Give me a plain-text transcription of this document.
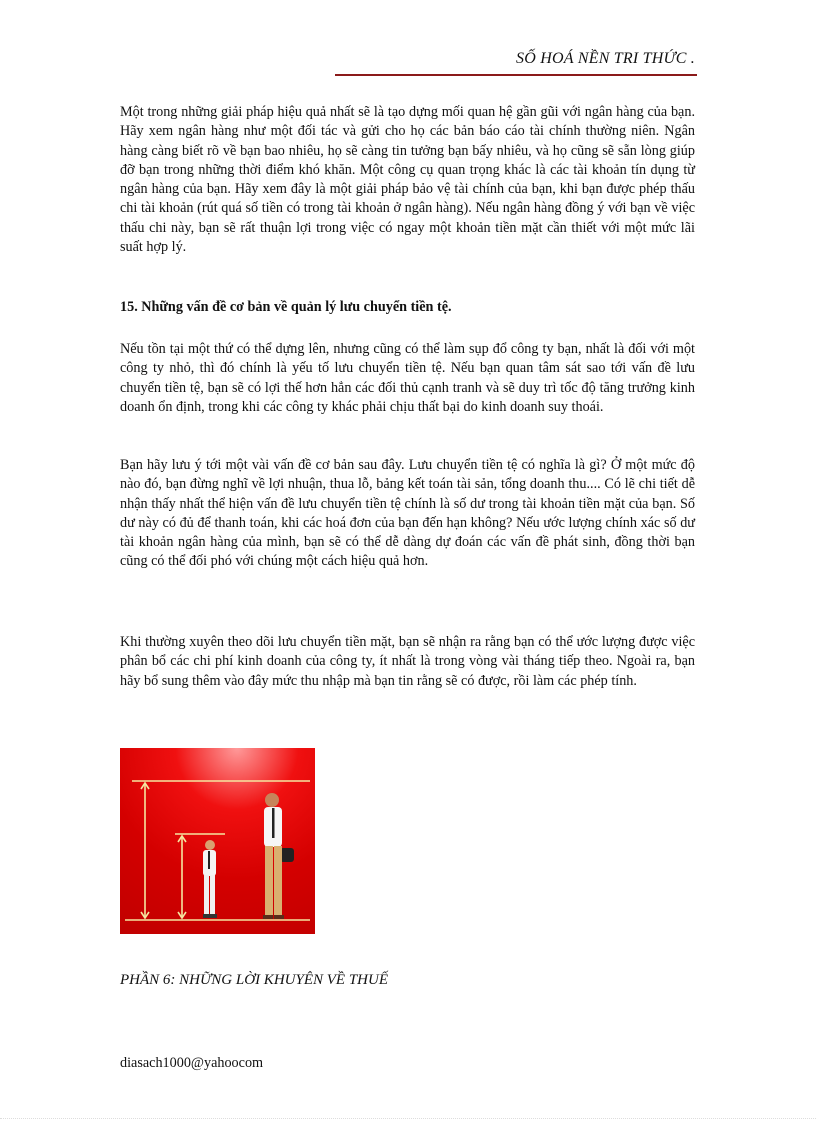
SỐ HOÁ NỀN TRI THỨC .

Một trong những giải pháp hiệu quả nhất sẽ là tạo dựng mối quan hệ gần gũi với ngân hàng của bạn. Hãy xem ngân hàng như một đối tác và gửi cho họ các bản báo cáo tài chính thường niên. Ngân hàng càng biết rõ về bạn bao nhiêu, họ sẽ càng tin tưởng bạn bấy nhiêu, và họ cũng sẽ sẵn lòng giúp đỡ bạn trong những thời điểm khó khăn. Một công cụ quan trọng khác là các tài khoản tín dụng từ ngân hàng của bạn. Hãy xem đây là một giải pháp bảo vệ tài chính của bạn, khi bạn được phép thấu chi tài khoản (rút quá số tiền có trong tài khoản ở ngân hàng). Nếu ngân hàng đồng ý với bạn về việc thấu chi này, bạn sẽ rất thuận lợi trong việc có ngay một khoản tiền mặt cần thiết với một mức lãi suất hợp lý.

15. Những vấn đề cơ bản về quản lý lưu chuyển tiền tệ.

Nếu tồn tại một thứ có thể dựng lên, nhưng cũng có thể làm sụp đổ công ty bạn, nhất là đối với một công ty nhỏ, thì đó chính là yếu tố lưu chuyển tiền tệ. Nếu bạn quan tâm sát sao tới vấn đề lưu chuyển tiền tệ, bạn sẽ có lợi thế hơn hẳn các đối thủ cạnh tranh và sẽ duy trì tốc độ tăng trưởng kinh doanh ổn định, trong khi các công ty khác phải chịu thất bại do kinh doanh suy thoái.

Bạn hãy lưu ý tới một vài vấn đề cơ bản sau đây. Lưu chuyển tiền tệ có nghĩa là gì? Ở một mức độ nào đó, bạn đừng nghĩ về lợi nhuận, thua lỗ, bảng kết toán tài sản, tổng doanh thu.... Có lẽ chi tiết dễ nhận thấy nhất thể hiện vấn đề lưu chuyển tiền tệ chính là số dư trong tài khoản tiền mặt của bạn. Số dư này có đủ để thanh toán, khi các hoá đơn của bạn đến hạn không? Nếu ước lượng chính xác số dư tài khoản ngân hàng của mình, bạn sẽ có thể dễ dàng dự đoán các vấn đề phát sinh, đồng thời bạn cũng có thể đối phó với chúng một cách hiệu quả hơn.

Khi thường xuyên theo dõi lưu chuyển tiền mặt, bạn sẽ nhận ra rằng bạn có thể ước lượng được việc phân bổ các chi phí kinh doanh của công ty, ít nhất là trong vòng vài tháng tiếp theo. Ngoài ra, bạn hãy bổ sung thêm vào đây mức thu nhập mà bạn tin rằng sẽ có được, rồi làm các phép tính.

PHẦN 6: NHỮNG LỜI KHUYÊN VỀ THUẾ
diasach1000@yahoocom
